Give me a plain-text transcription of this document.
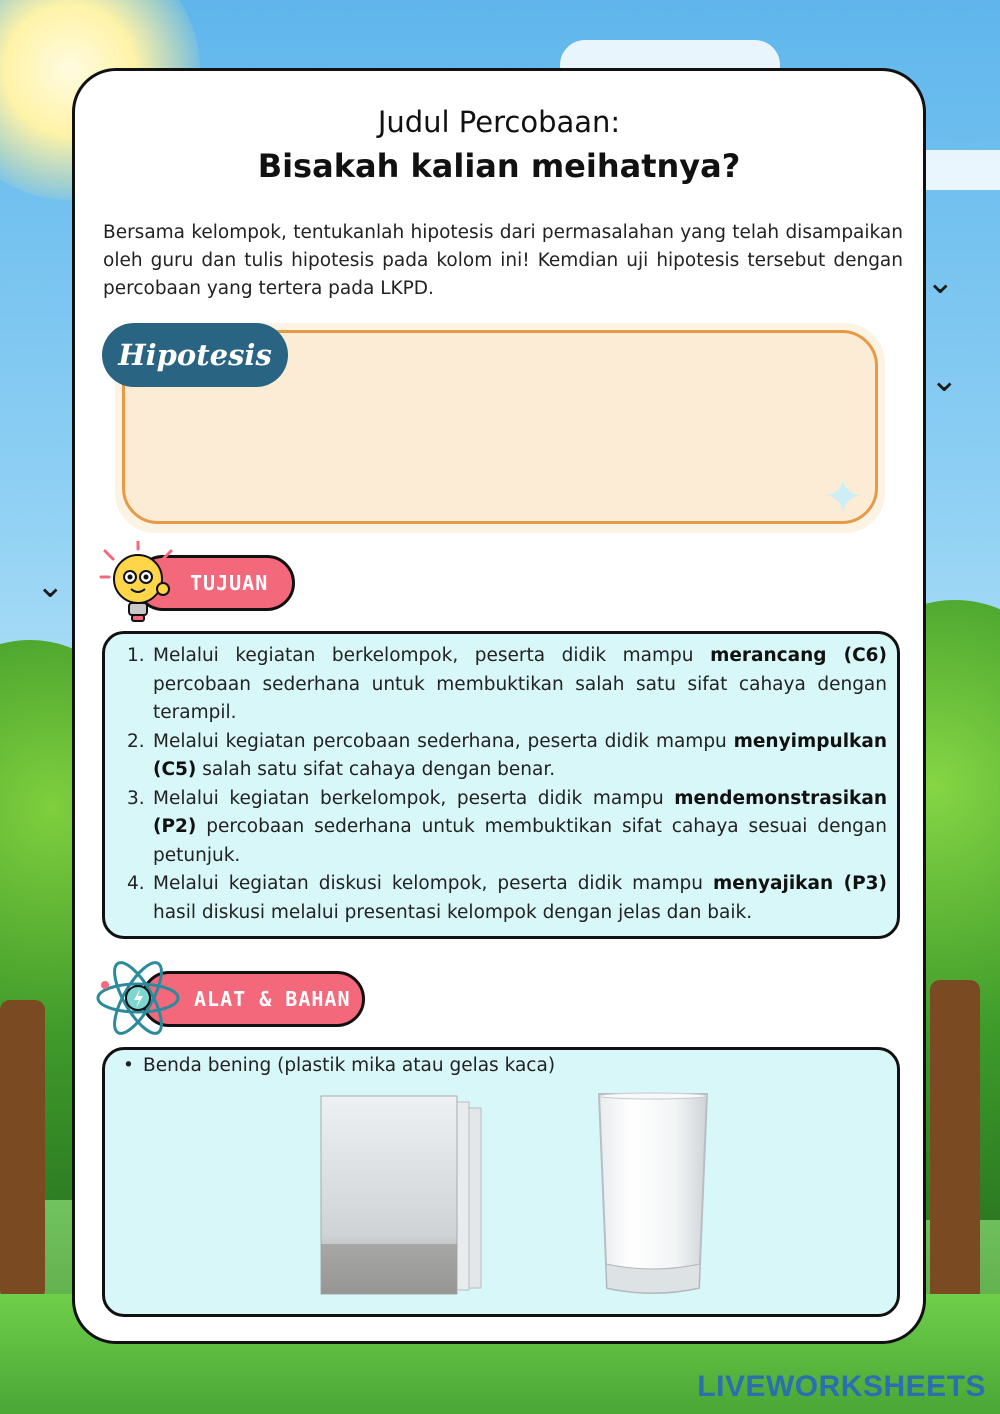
⌄
⌄
⌄
Judul Percobaan:
Bisakah kalian meihatnya?
Bersama kelompok, tentukanlah hipotesis dari permasalahan yang telah disampaikan oleh guru dan tulis hipotesis pada kolom ini! Kemdian uji hipotesis tersebut dengan percobaan yang tertera pada LKPD.
Hipotesis
✦
TUJUAN
1. Melalui kegiatan berkelompok, peserta didik mampu merancang (C6) percobaan sederhana untuk membuktikan salah satu sifat cahaya dengan terampil.
2. Melalui kegiatan percobaan sederhana, peserta didik mampu menyimpulkan (C5) salah satu sifat cahaya dengan benar.
3. Melalui kegiatan berkelompok, peserta didik mampu mendemonstrasikan (P2) percobaan sederhana untuk membuktikan sifat cahaya sesuai dengan petunjuk.
4. Melalui kegiatan diskusi kelompok, peserta didik mampu menyajikan (P3) hasil diskusi melalui presentasi kelompok dengan jelas dan baik.
ALAT & BAHAN
• Benda bening (plastik mika atau gelas kaca)
LIVEWORKSHEETS
